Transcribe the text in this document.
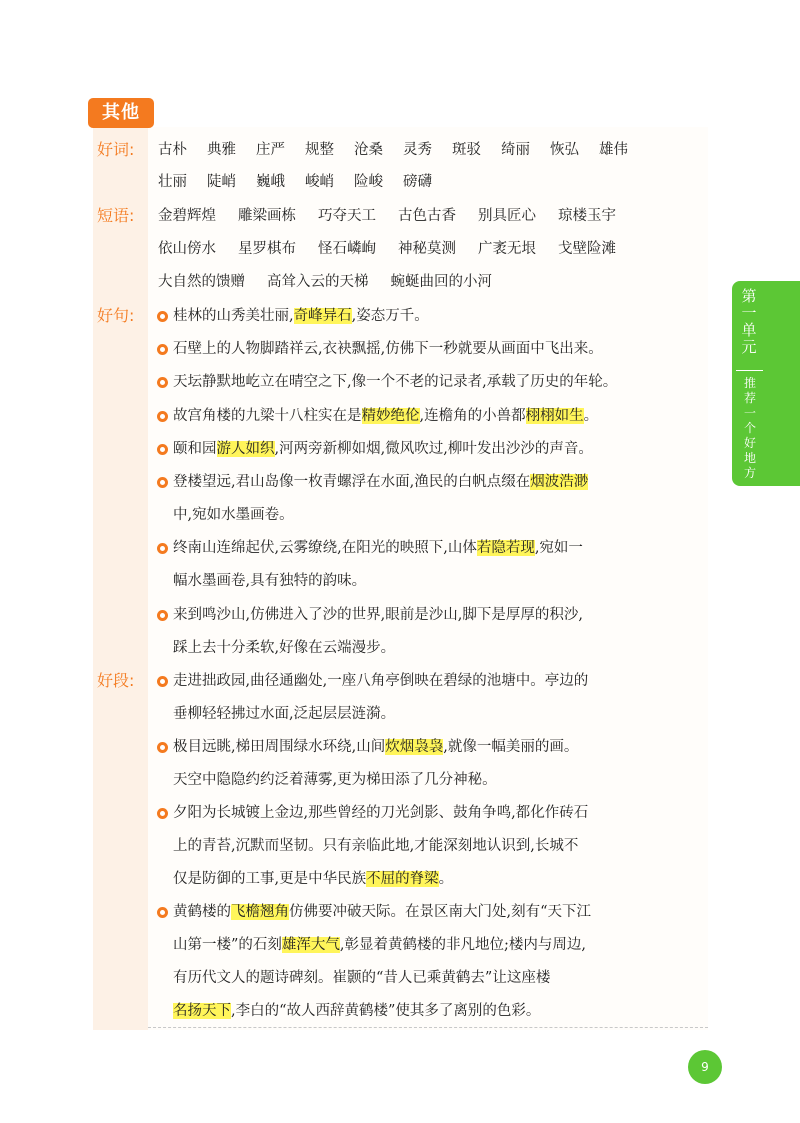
其他
好词: 古朴 典雅 庄严 规整 沧桑 灵秀 斑驳 绮丽 恢弘 雄伟
壮丽 陡峭 巍峨 峻峭 险峻 磅礴
短语: 金碧辉煌 雕梁画栋 巧夺天工 古色古香 别具匠心 琼楼玉宇
依山傍水 星罗棋布 怪石嶙峋 神秘莫测 广袤无垠 戈壁险滩
大自然的馈赠 高耸入云的天梯 蜿蜒曲回的小河
好句:	桂林的山秀美壮丽,奇峰异石,姿态万千。
石壁上的人物脚踏祥云,衣袂飘摇,仿佛下一秒就要从画面中飞出来。
天坛静默地屹立在晴空之下,像一个不老的记录者,承载了历史的年轮。
故宫角楼的九梁十八柱实在是精妙绝伦,连檐角的小兽都栩栩如生。
颐和园游人如织,河两旁新柳如烟,微风吹过,柳叶发出沙沙的声音。
登楼望远,君山岛像一枚青螺浮在水面,渔民的白帆点缀在烟波浩渺
中,宛如水墨画卷。
终南山连绵起伏,云雾缭绕,在阳光的映照下,山体若隐若现,宛如一
幅水墨画卷,具有独特的韵味。
来到鸣沙山,仿佛进入了沙的世界,眼前是沙山,脚下是厚厚的积沙,
踩上去十分柔软,好像在云端漫步。
好段:	走进拙政园,曲径通幽处,一座八角亭倒映在碧绿的池塘中。亭边的
垂柳轻轻拂过水面,泛起层层涟漪。
极目远眺,梯田周围绿水环绕,山间炊烟袅袅,就像一幅美丽的画。
天空中隐隐约约泛着薄雾,更为梯田添了几分神秘。
夕阳为长城镀上金边,那些曾经的刀光剑影、鼓角争鸣,都化作砖石
上的青苔,沉默而坚韧。只有亲临此地,才能深刻地认识到,长城不
仅是防御的工事,更是中华民族不屈的脊梁。
黄鹤楼的飞檐翘角仿佛要冲破天际。在景区南大门处,刻有“天下江
山第一楼”的石刻雄浑大气,彰显着黄鹤楼的非凡地位;楼内与周边,
有历代文人的题诗碑刻。崔颢的“昔人已乘黄鹤去”让这座楼
名扬天下,李白的“故人西辞黄鹤楼”使其多了离别的色彩。
第一单元
推荐一个好地方
9
